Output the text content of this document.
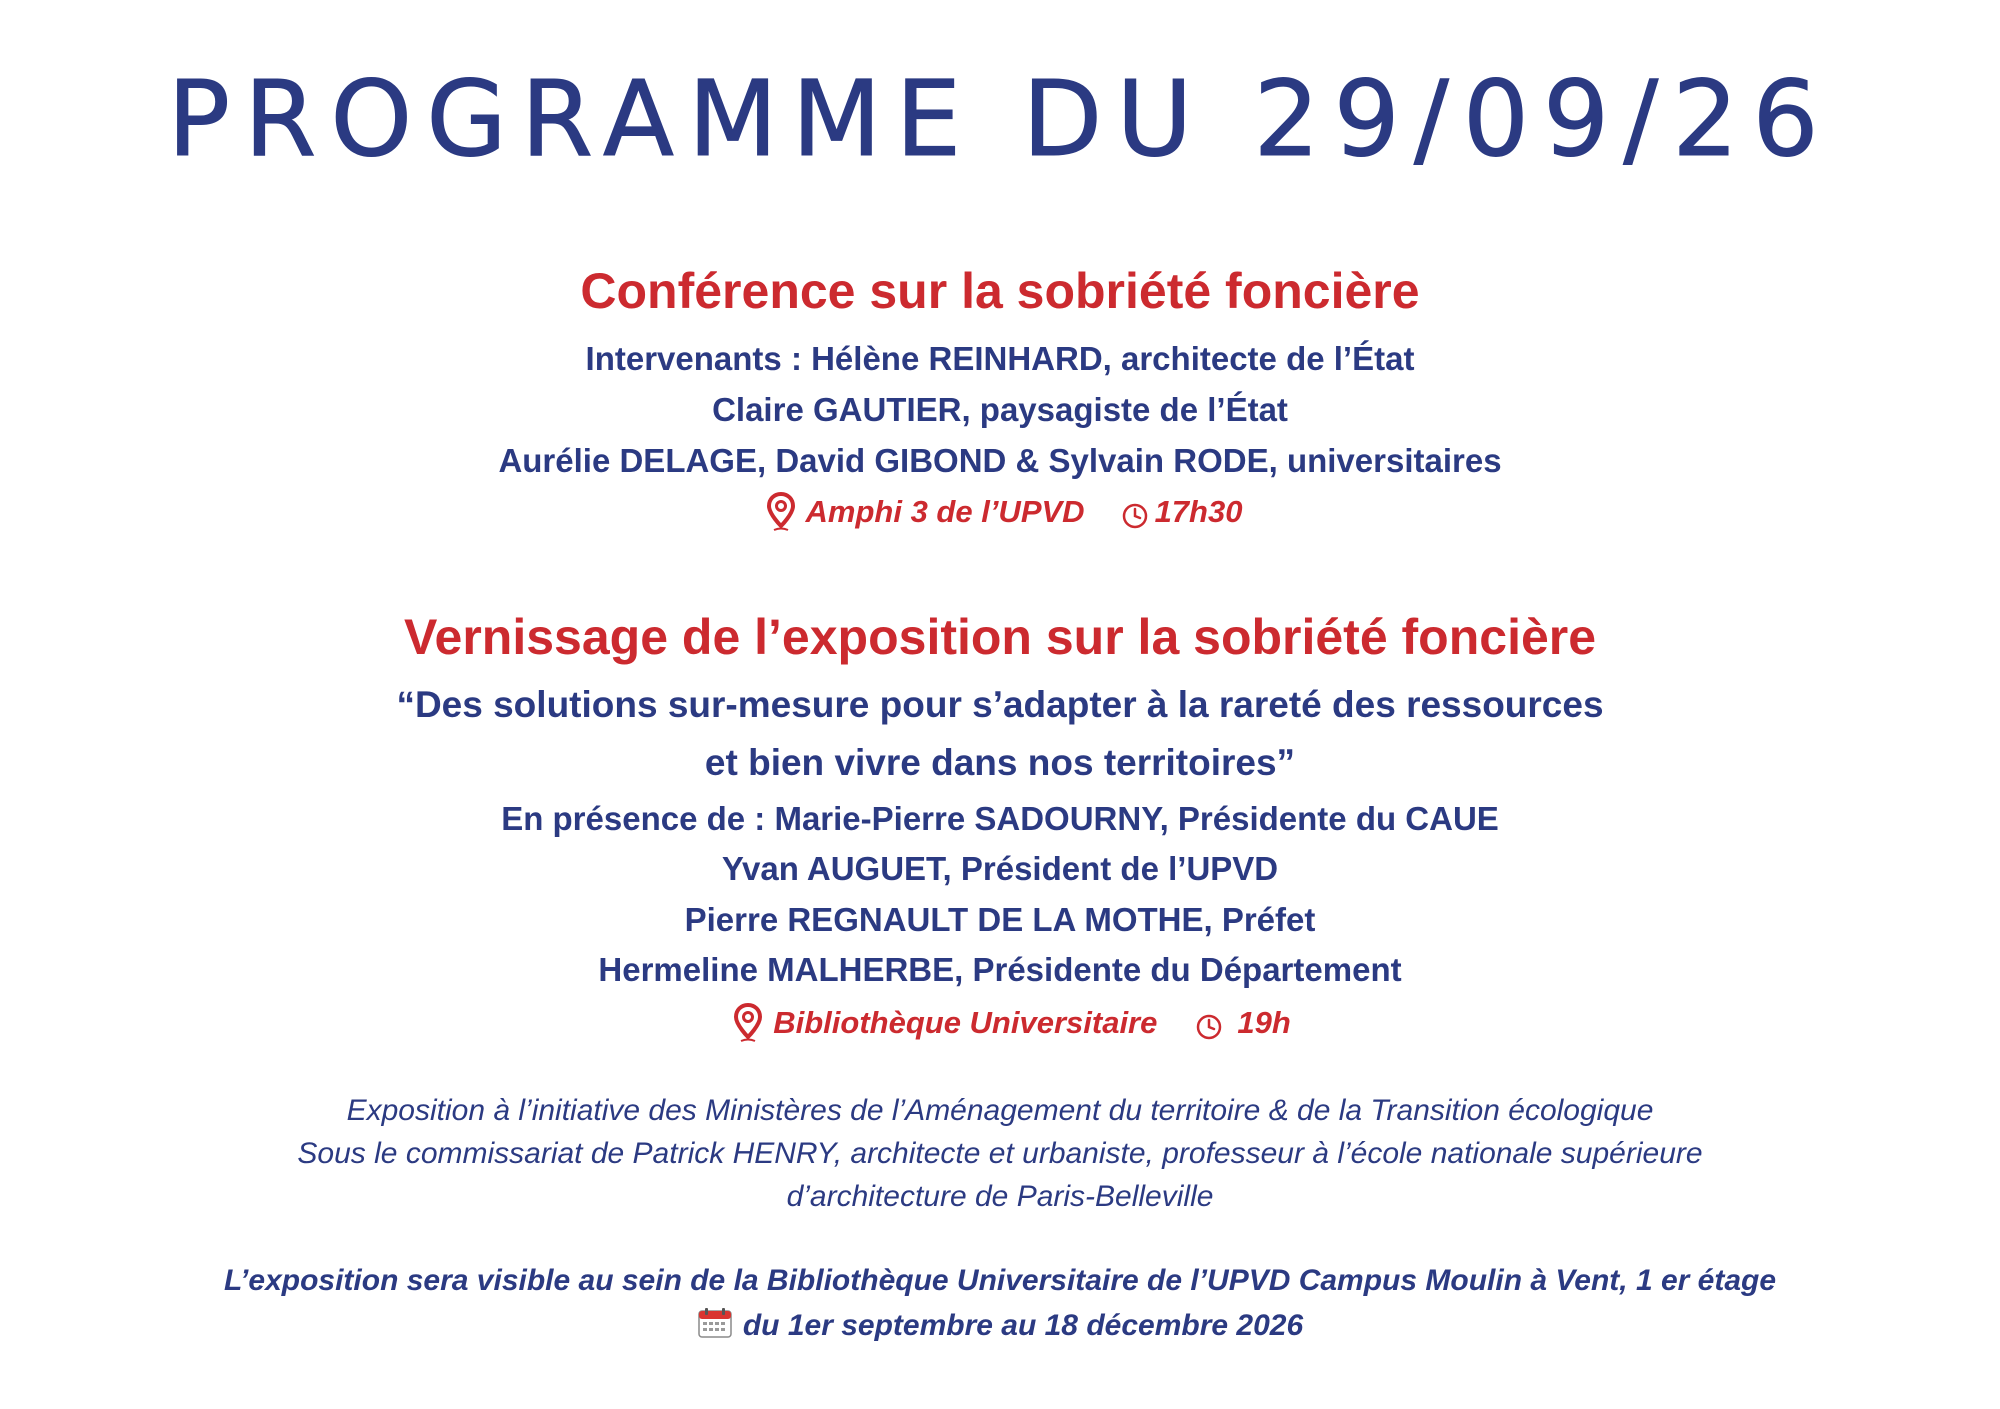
PROGRAMME DU 29/09/26
Conférence sur la sobriété foncière
Intervenants : Hélène REINHARD, architecte de l’État
Claire GAUTIER, paysagiste de l’État
Aurélie DELAGE, David GIBOND & Sylvain RODE, universitaires
Amphi 3 de l’UPVD 17h30
Vernissage de l’exposition sur la sobriété foncière
“Des solutions sur-mesure pour s’adapter à la rareté des ressources
et bien vivre dans nos territoires”
En présence de : Marie-Pierre SADOURNY, Présidente du CAUE
Yvan AUGUET, Président de l’UPVD
Pierre REGNAULT DE LA MOTHE, Préfet
Hermeline MALHERBE, Présidente du Département
Bibliothèque Universitaire	19h
Exposition à l’initiative des Ministères de l’Aménagement du territoire & de la Transition écologique
Sous le commissariat de Patrick HENRY, architecte et urbaniste, professeur à l’école nationale supérieure
d’architecture de Paris-Belleville
L’exposition sera visible au sein de la Bibliothèque Universitaire de l’UPVD Campus Moulin à Vent, 1 er étage
du 1er septembre au 18 décembre 2026
